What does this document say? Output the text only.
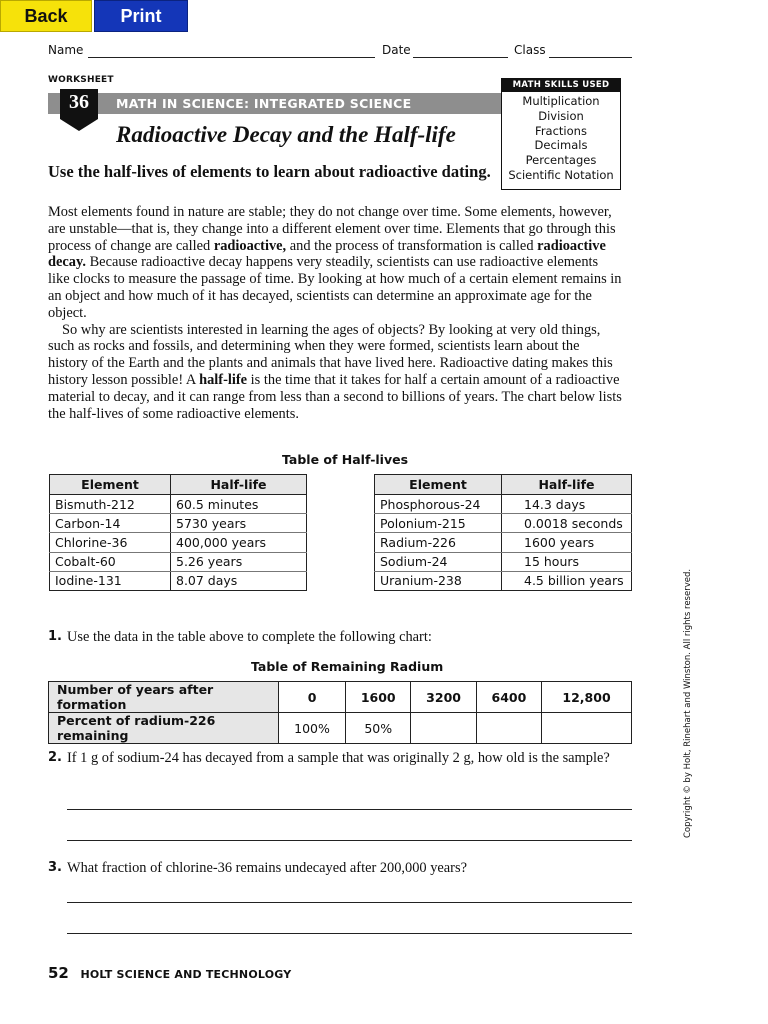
Back	Print
Name	Date	Class
WORKSHEET
36	MATH IN SCIENCE: INTEGRATED SCIENCE
Radioactive Decay and the Half-life
MATH SKILLS USED
Multiplication
Division
Fractions
Decimals
Percentages
Scientific Notation
Use the half-lives of elements to learn about radioactive dating.

Most elements found in nature are stable; they do not change over time. Some elements, however, are unstable—that is, they change into a different element over time. Elements that go through this process of change are called radioactive, and the process of transformation is called radioactive decay. Because radioactive decay happens very steadily, scientists can use radioactive elements like clocks to measure the passage of time. By looking at how much of a certain element remains in an object and how much of it has decayed, scientists can determine an approximate age for the object.

So why are scientists interested in learning the ages of objects? By looking at very old things, such as rocks and fossils, and determining when they were formed, scientists learn about the history of the Earth and the plants and animals that have lived here. Radioactive dating makes this history lesson possible! A half-life is the time that it takes for half a certain amount of a radioactive material to decay, and it can range from less than a second to billions of years. The chart below lists the half-lives of some radioactive elements.

Table of Half-lives
Element	Half-life
Bismuth-212	60.5 minutes
Carbon-14	5730 years
Chlorine-36	400,000 years
Cobalt-60	5.26 years
Iodine-131	8.07 days
Element	Half-life
Phosphorous-24	14.3 days
Polonium-215	0.0018 seconds
Radium-226	1600 years
Sodium-24	15 hours
Uranium-238	4.5 billion years
1. Use the data in the table above to complete the following chart:
Table of Remaining Radium
Number of years after formation	0	1600	3200	6400	12,800
Percent of radium-226 remaining	100%	50%			
2. If 1 g of sodium-24 has decayed from a sample that was originally 2 g, how old is the sample?
3. What fraction of chlorine-36 remains undecayed after 200,000 years?
52 HOLT SCIENCE AND TECHNOLOGY
Copyright © by Holt, Rinehart and Winston. All rights reserved.
